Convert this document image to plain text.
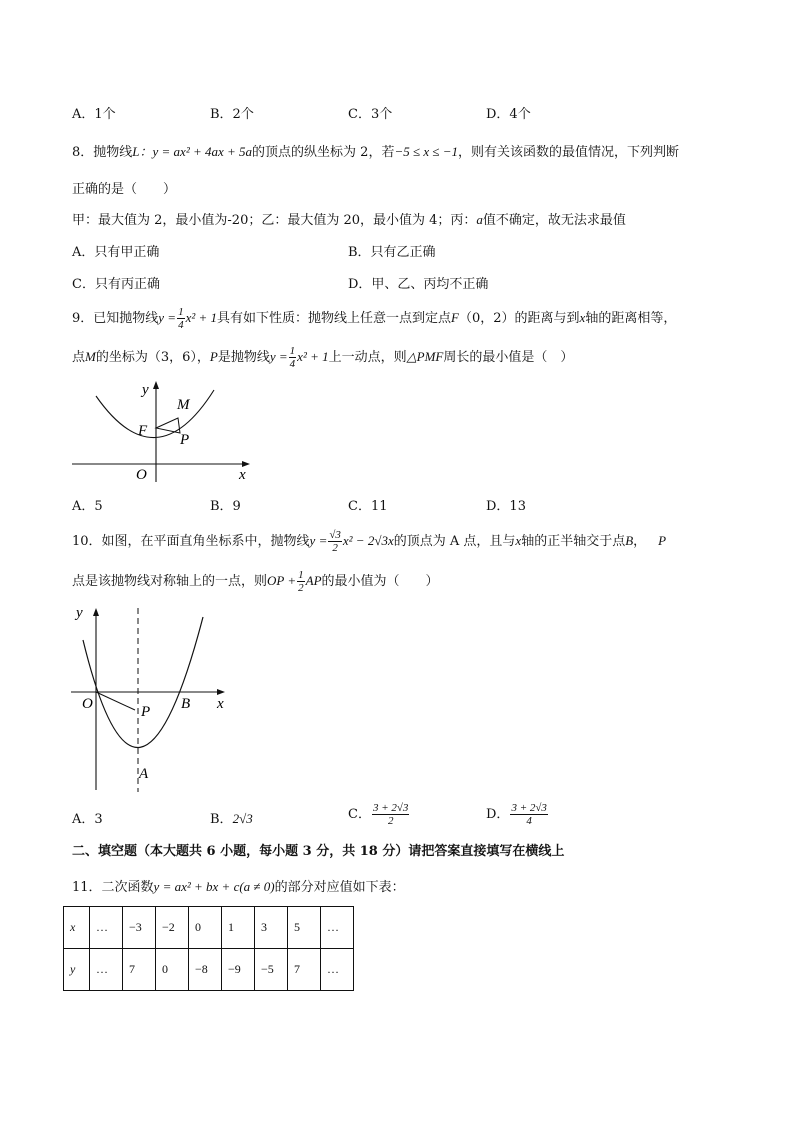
A．1个	B．2个	C．3个	D．4个
8．抛物线L：y = ax² + 4ax + 5a的顶点的纵坐标为 2，若−5 ≤ x ≤ −1，则有关该函数的最值情况，下列判断
正确的是（　　）
甲：最大值为 2，最小值为-20；乙：最大值为 20，最小值为 4；丙：a值不确定，故无法求最值
A．只有甲正确	B．只有乙正确
C．只有丙正确	D．甲、乙、丙均不正确
9．已知抛物线$y = \frac{1}{4} x^2 + 1$具有如下性质：抛物线上任意一点到定点F（0，2）的距离与到x轴的距离相等，
点M的坐标为（3，6），P是抛物线$y = \frac{1}{4} x^2 + 1$上一动点，则△PMF周长的最小值是（　）
y
M
F
P
O	x
A．5	B．9	C．11	D．13
10．如图，在平面直角坐标系中，抛物线$y = \frac{√3}{2} x^2 - 2√3x$的顶点为 A 点，且与x轴的正半轴交于点B， P
点是该抛物线对称轴上的一点，则OP + $\frac{1}{2}$ AP的最小值为（　　）
y
O	P B x
A
A．3	B．2√3	C． $\frac{3 + 2√3}{2}$	D． $\frac{3 + 2√3}{4}$
二、填空题（本大题共 6 小题，每小题 3 分，共 18 分）请把答案直接填写在横线上
11．二次函数y = ax² + bx + c(a ≠ 0)的部分对应值如下表：
x	…	−3	−2	0	1	3	5	…
y	…	7	0	−8	−9	−5	7	…
